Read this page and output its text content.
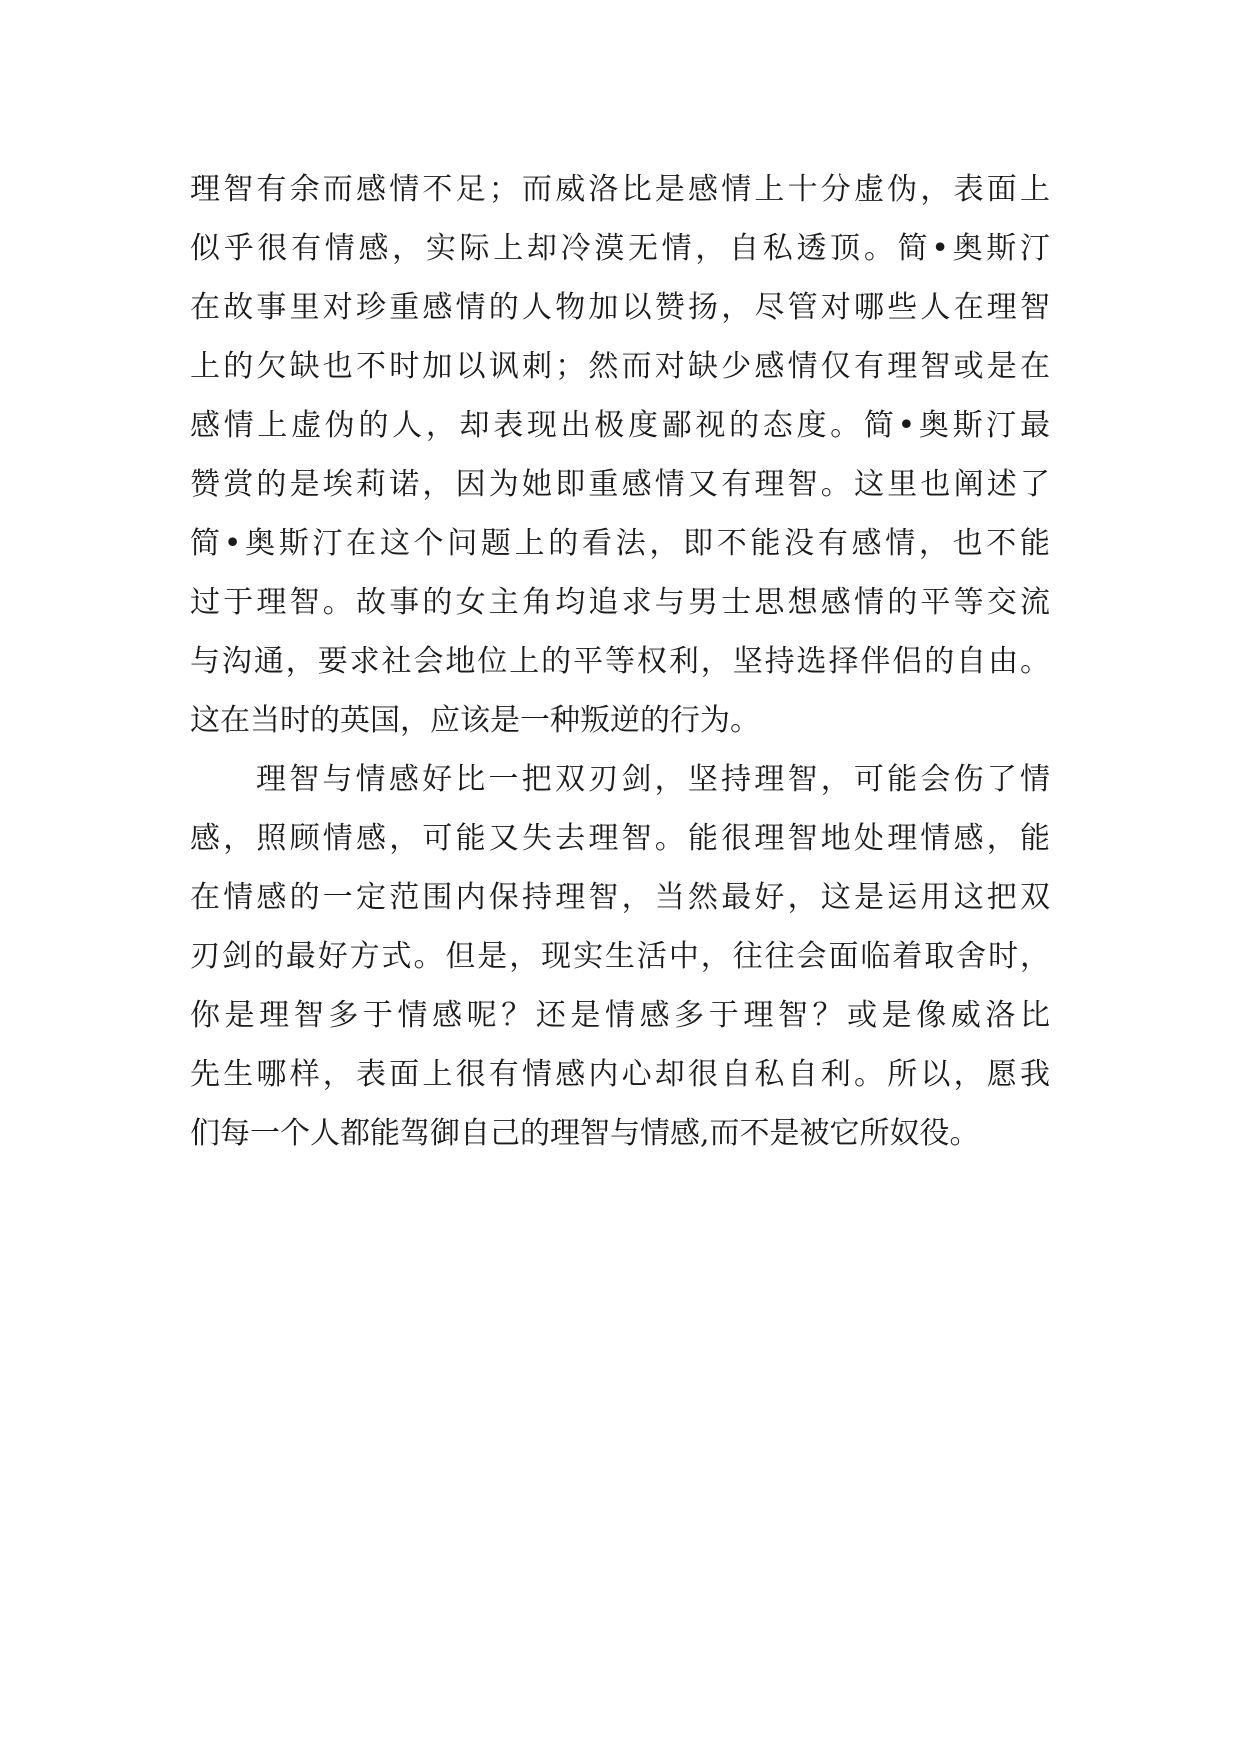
理智有余而感情不足；而威洛比是感情上十分虚伪，表面上
似乎很有情感，实际上却冷漠无情，自私透顶。简•奥斯汀
在故事里对珍重感情的人物加以赞扬，尽管对哪些人在理智
上的欠缺也不时加以讽刺；然而对缺少感情仅有理智或是在
感情上虚伪的人，却表现出极度鄙视的态度。简•奥斯汀最
赞赏的是埃莉诺，因为她即重感情又有理智。这里也阐述了
简•奥斯汀在这个问题上的看法，即不能没有感情，也不能
过于理智。故事的女主角均追求与男士思想感情的平等交流
与沟通，要求社会地位上的平等权利，坚持选择伴侣的自由。
这在当时的英国，应该是一种叛逆的行为。
理智与情感好比一把双刃剑，坚持理智，可能会伤了情
感，照顾情感，可能又失去理智。能很理智地处理情感，能
在情感的一定范围内保持理智，当然最好，这是运用这把双
刃剑的最好方式。但是，现实生活中，往往会面临着取舍时，
你是理智多于情感呢？还是情感多于理智？或是像威洛比
先生哪样，表面上很有情感内心却很自私自利。所以，愿我
们每一个人都能驾御自己的理智与情感,而不是被它所奴役。
